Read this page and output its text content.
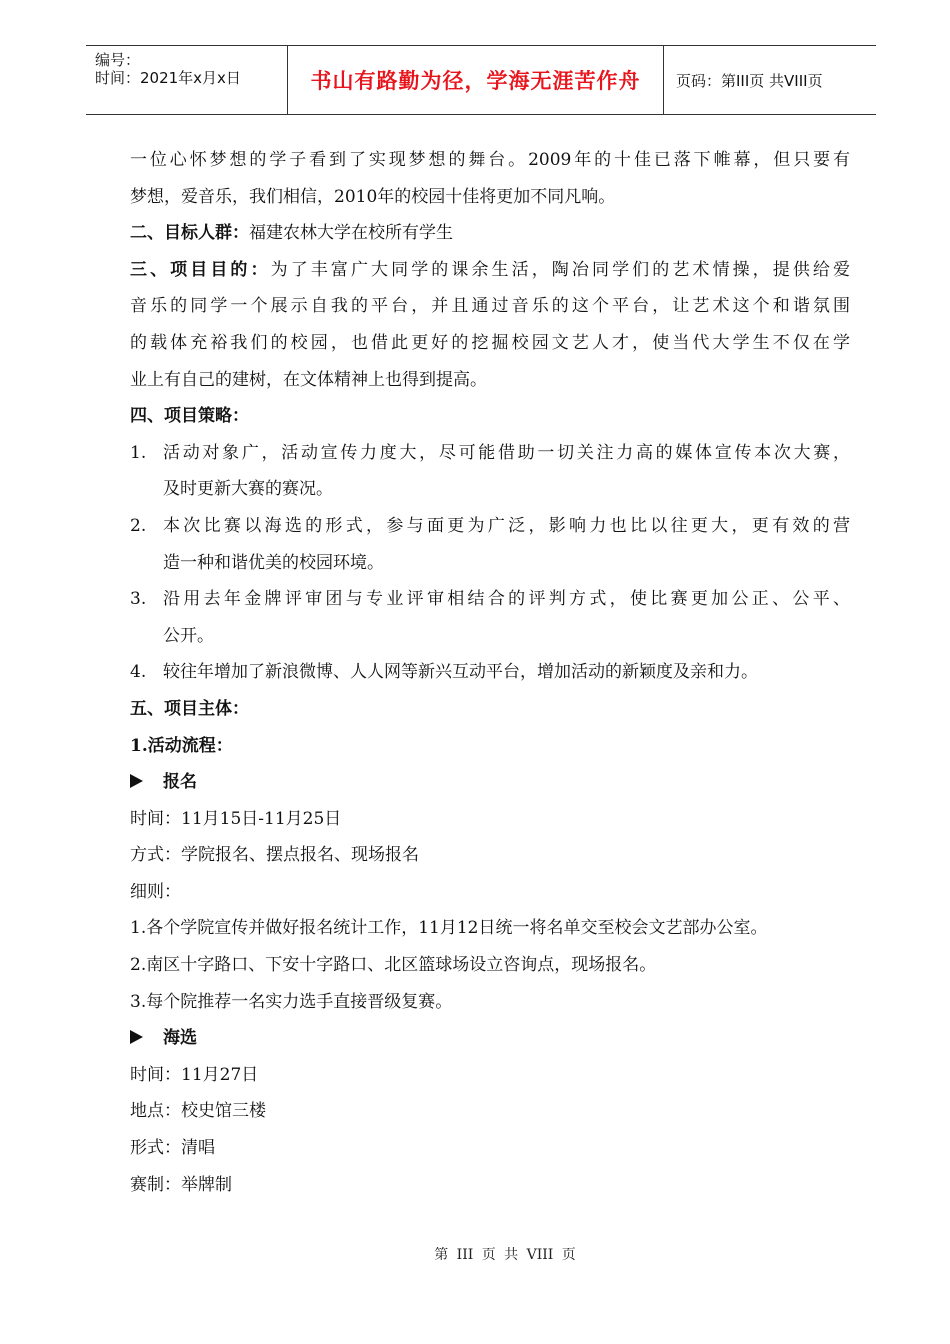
编号：
时间：2021年x月x日	书山有路勤为径，学海无涯苦作舟	页码：第III页 共VIII页
一位心怀梦想的学子看到了实现梦想的舞台。2009年的十佳已落下帷幕，但只要有
梦想，爱音乐，我们相信，2010年的校园十佳将更加不同凡响。
二、目标人群：福建农林大学在校所有学生
三、项目目的：为了丰富广大同学的课余生活，陶冶同学们的艺术情操，提供给爱
音乐的同学一个展示自我的平台，并且通过音乐的这个平台，让艺术这个和谐氛围
的载体充裕我们的校园，也借此更好的挖掘校园文艺人才，使当代大学生不仅在学
业上有自己的建树，在文体精神上也得到提高。
四、项目策略：
1. 活动对象广，活动宣传力度大，尽可能借助一切关注力高的媒体宣传本次大赛，
及时更新大赛的赛况。
2. 本次比赛以海选的形式，参与面更为广泛，影响力也比以往更大，更有效的营
造一种和谐优美的校园环境。
3. 沿用去年金牌评审团与专业评审相结合的评判方式，使比赛更加公正、公平、
公开。
4. 较往年增加了新浪微博、人人网等新兴互动平台，增加活动的新颖度及亲和力。
五、项目主体：
1.活动流程：
报名
时间：11月15日-11月25日
方式：学院报名、摆点报名、现场报名
细则：
1.各个学院宣传并做好报名统计工作，11月12日统一将名单交至校会文艺部办公室。
2.南区十字路口、下安十字路口、北区篮球场设立咨询点，现场报名。
3.每个院推荐一名实力选手直接晋级复赛。
海选
时间：11月27日
地点：校史馆三楼
形式：清唱
赛制：举牌制
第 III 页 共 VIII 页
